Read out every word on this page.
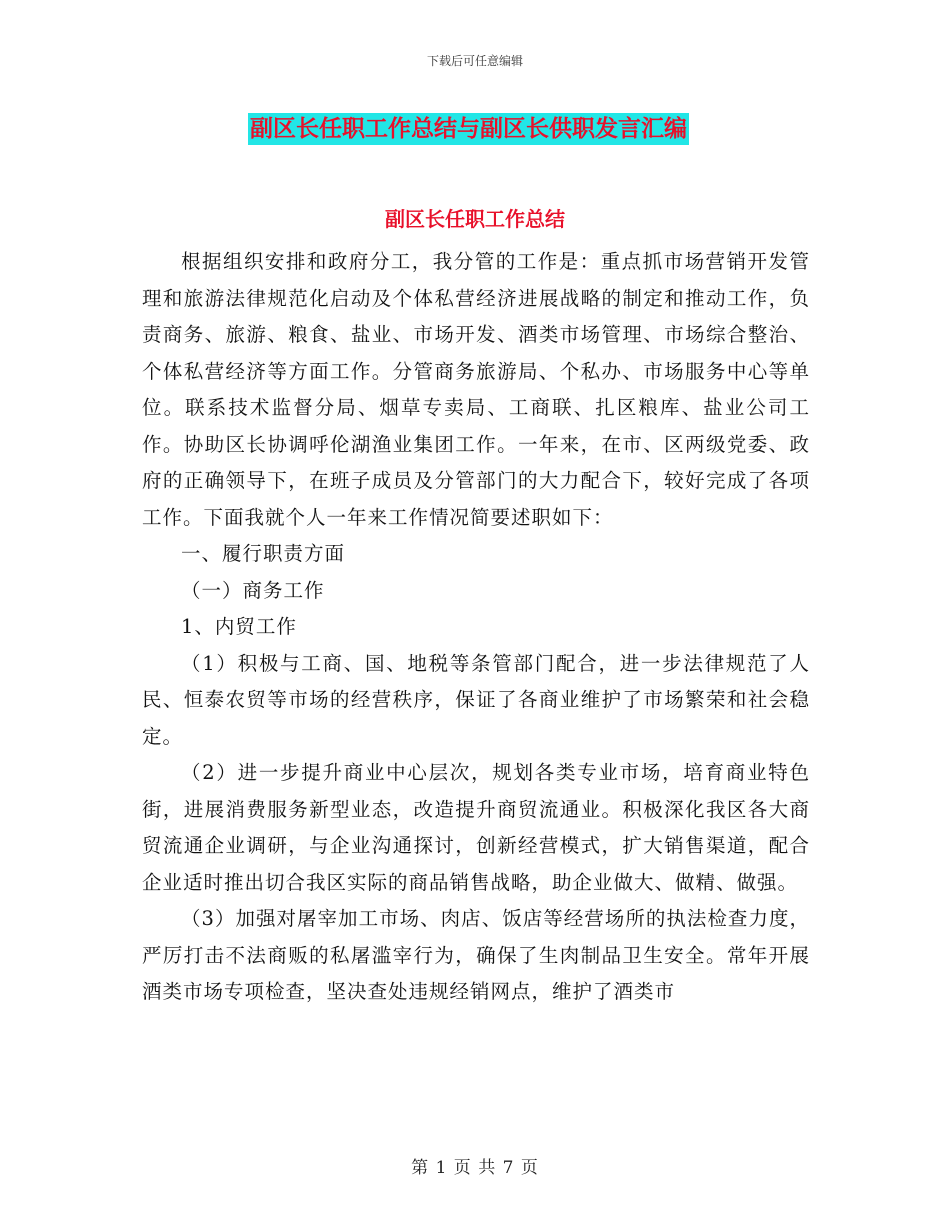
下载后可任意编辑
副区长任职工作总结与副区长供职发言汇编
副区长任职工作总结

根据组织安排和政府分工，我分管的工作是：重点抓市场营销开发管理和旅游法律规范化启动及个体私营经济进展战略的制定和推动工作，负责商务、旅游、粮食、盐业、市场开发、酒类市场管理、市场综合整治、个体私营经济等方面工作。分管商务旅游局、个私办、市场服务中心等单位。联系技术监督分局、烟草专卖局、工商联、扎区粮库、盐业公司工作。协助区长协调呼伦湖渔业集团工作。一年来，在市、区两级党委、政府的正确领导下，在班子成员及分管部门的大力配合下，较好完成了各项工作。下面我就个人一年来工作情况简要述职如下：

一、履行职责方面

（一）商务工作

1、内贸工作

（1）积极与工商、国、地税等条管部门配合，进一步法律规范了人民、恒泰农贸等市场的经营秩序，保证了各商业维护了市场繁荣和社会稳定。

（2）进一步提升商业中心层次，规划各类专业市场，培育商业特色街，进展消费服务新型业态，改造提升商贸流通业。积极深化我区各大商贸流通企业调研，与企业沟通探讨，创新经营模式，扩大销售渠道，配合企业适时推出切合我区实际的商品销售战略，助企业做大、做精、做强。

（3）加强对屠宰加工市场、肉店、饭店等经营场所的执法检查力度，严厉打击不法商贩的私屠滥宰行为，确保了生肉制品卫生安全。常年开展酒类市场专项检查，坚决查处违规经销网点，维护了酒类市

第 1 页 共 7 页
